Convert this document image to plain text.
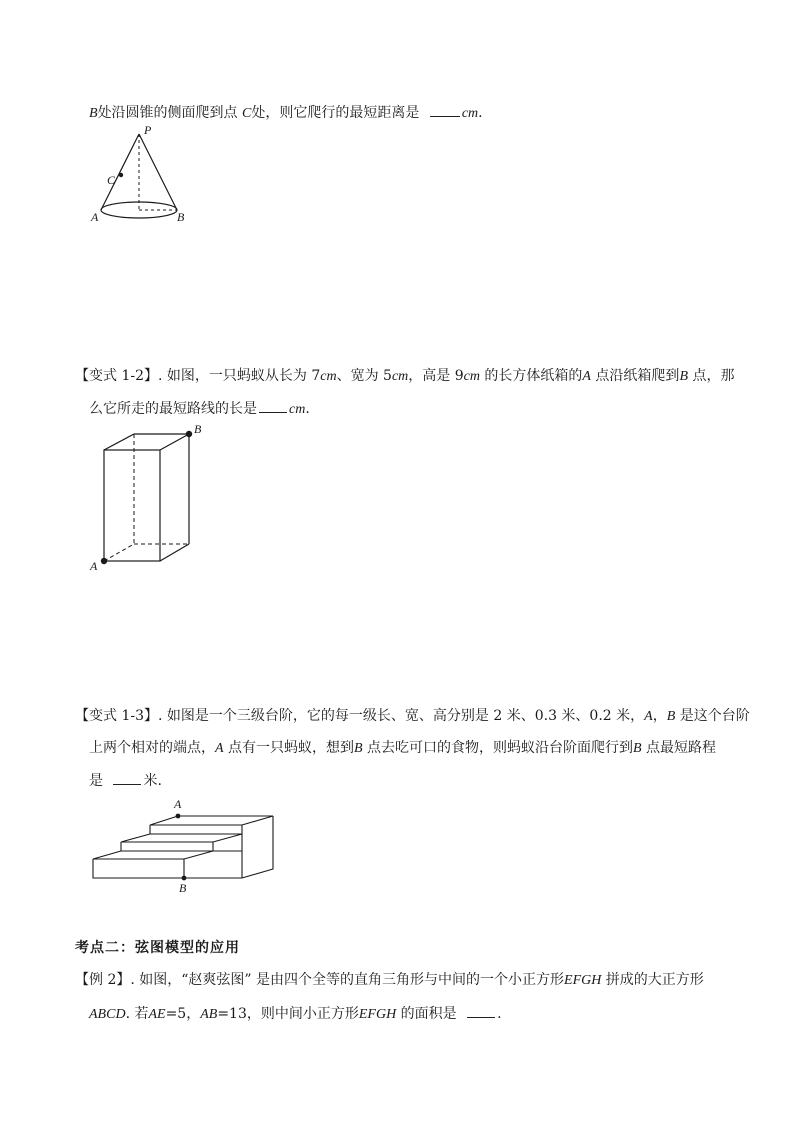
B处沿圆锥的侧面爬到点 C处，则它爬行的最短距离是	cm.
P
C
A	B
【变式 1-2】. 如图，一只蚂蚁从长为 7cm、宽为 5cm，高是 9cm 的长方体纸箱的A 点沿纸箱爬到B 点，那
么它所走的最短路线的长是 cm.
B
A
【变式 1-3】. 如图是一个三级台阶，它的每一级长、宽、高分别是 2 米、0.3 米、0.2 米，A，B 是这个台阶
上两个相对的端点，A 点有一只蚂蚁，想到B 点去吃可口的食物，则蚂蚁沿台阶面爬行到B 点最短路程
是	米.
A
B
考点二：弦图模型的应用
【例 2】. 如图，“赵爽弦图” 是由四个全等的直角三角形与中间的一个小正方形EFGH 拼成的大正方形
ABCD. 若AE=5，AB=13，则中间小正方形EFGH 的面积是	.
